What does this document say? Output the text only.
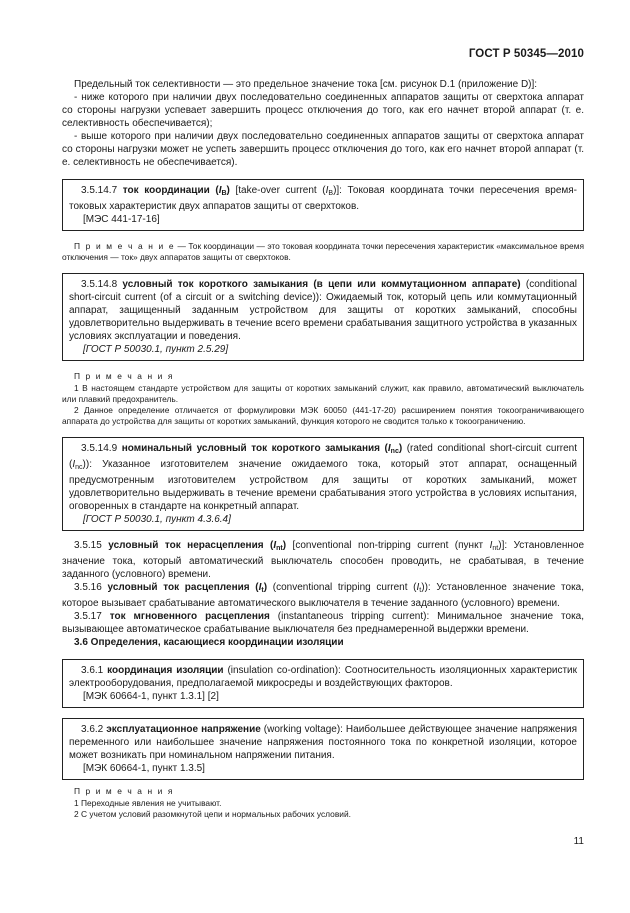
ГОСТ Р 50345—2010

Предельный ток селективности — это предельное значение тока [см. рисунок D.1 (приложение D)]:

- ниже которого при наличии двух последовательно соединенных аппаратов защиты от сверхтока аппарат со стороны нагрузки успевает завершить процесс отключения до того, как его начнет второй аппарат (т. е. селективность обеспечивается);

- выше которого при наличии двух последовательно соединенных аппаратов защиты от сверхтока аппарат со стороны нагрузки может не успеть завершить процесс отключения до того, как его начнет второй аппарат (т. е. селективность не обеспечивается).

3.5.14.7 ток координации $(I_B)$ [take-over current $(I_B)$]: Токовая координата точки пересечения время-токовых характеристик двух аппаратов защиты от сверхтоков.

[МЭС 441-17-16]

П р и м е ч а н и е — Ток координации — это токовая координата точки пересечения характеристик «максимальное время отключения — ток» двух аппаратов защиты от сверхтоков.

3.5.14.8 условный ток короткого замыкания (в цепи или коммутационном аппарате) (conditional short-circuit current (of a circuit or a switching device)): Ожидаемый ток, который цепь или коммутационный аппарат, защищенный заданным устройством для защиты от коротких замыканий, способны удовлетворительно выдерживать в течение всего времени срабатывания защитного устройства в указанных условиях эксплуатации и поведения.

[ГОСТ Р 50030.1, пункт 2.5.29]

П р и м е ч а н и я

1 В настоящем стандарте устройством для защиты от коротких замыканий служит, как правило, автоматический выключатель или плавкий предохранитель.

2 Данное определение отличается от формулировки МЭК 60050 (441-17-20) расширением понятия токоограничивающего аппарата до устройства для защиты от коротких замыканий, функция которого не сводится только к токоограничению.

3.5.14.9 номинальный условный ток короткого замыкания $(I_{nc})$ (rated conditional short-circuit current $(I_{nc})$): Указанное изготовителем значение ожидаемого тока, который этот аппарат, оснащенный предусмотренным изготовителем устройством для защиты от коротких замыканий, может удовлетворительно выдерживать в течение времени срабатывания этого устройства в условиях испытания, оговоренных в стандарте на конкретный аппарат.

[ГОСТ Р 50030.1, пункт 4.3.6.4]

3.5.15 условный ток нерасцепления $(I_{nt})$ [conventional non-tripping current (пункт $I_{nt}$)]: Установленное значение тока, который автоматический выключатель способен проводить, не срабатывая, в течение заданного (условного) времени.

3.5.16 условный ток расцепления $(I_t)$ (conventional tripping current $(I_t)$): Установленное значение тока, которое вызывает срабатывание автоматического выключателя в течение заданного (условного) времени.

3.5.17 ток мгновенного расцепления (instantaneous tripping current): Минимальное значение тока, вызывающее автоматическое срабатывание выключателя без преднамеренной выдержки времени.

3.6 Определения, касающиеся координации изоляции

3.6.1 координация изоляции (insulation co-ordination): Соотносительность изоляционных характеристик электрооборудования, предполагаемой микросреды и воздействующих факторов.

[МЭК 60664-1, пункт 1.3.1] [2]

3.6.2 эксплуатационное напряжение (working voltage): Наибольшее действующее значение напряжения переменного или наибольшее значение напряжения постоянного тока по конкретной изоляции, которое может возникать при номинальном напряжении питания.

[МЭК 60664-1, пункт 1.3.5]

П р и м е ч а н и я

1 Переходные явления не учитывают.

2 С учетом условий разомкнутой цепи и нормальных рабочих условий.

11
